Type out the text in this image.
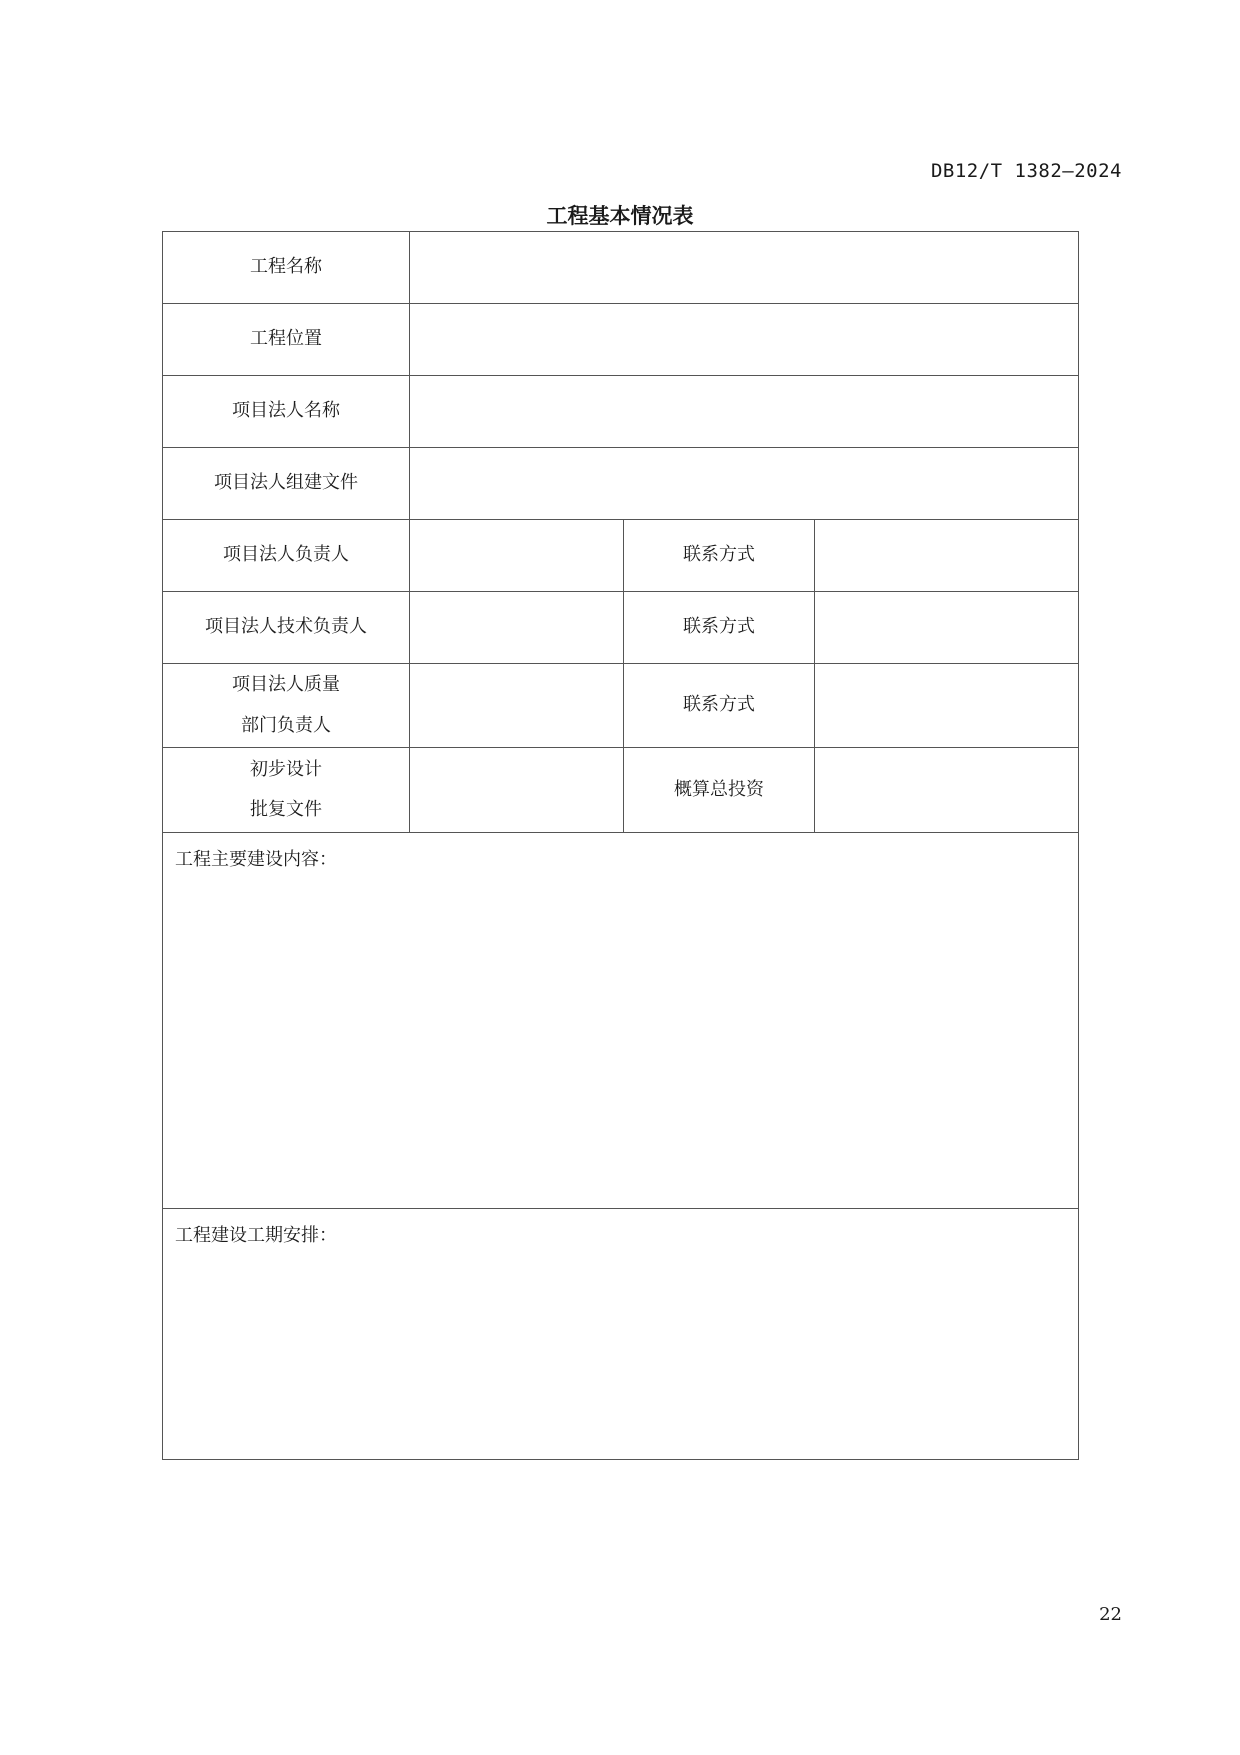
DB12/T 1382—2024
工程基本情况表
工程名称			
工程位置			
项目法人名称			
项目法人组建文件			
项目法人负责人		联系方式	
项目法人技术负责人		联系方式	

项目法人质量
部门负责人		联系方式	

初步设计
批复文件		概算总投资	
工程主要建设内容：			
工程建设工期安排：			
22
